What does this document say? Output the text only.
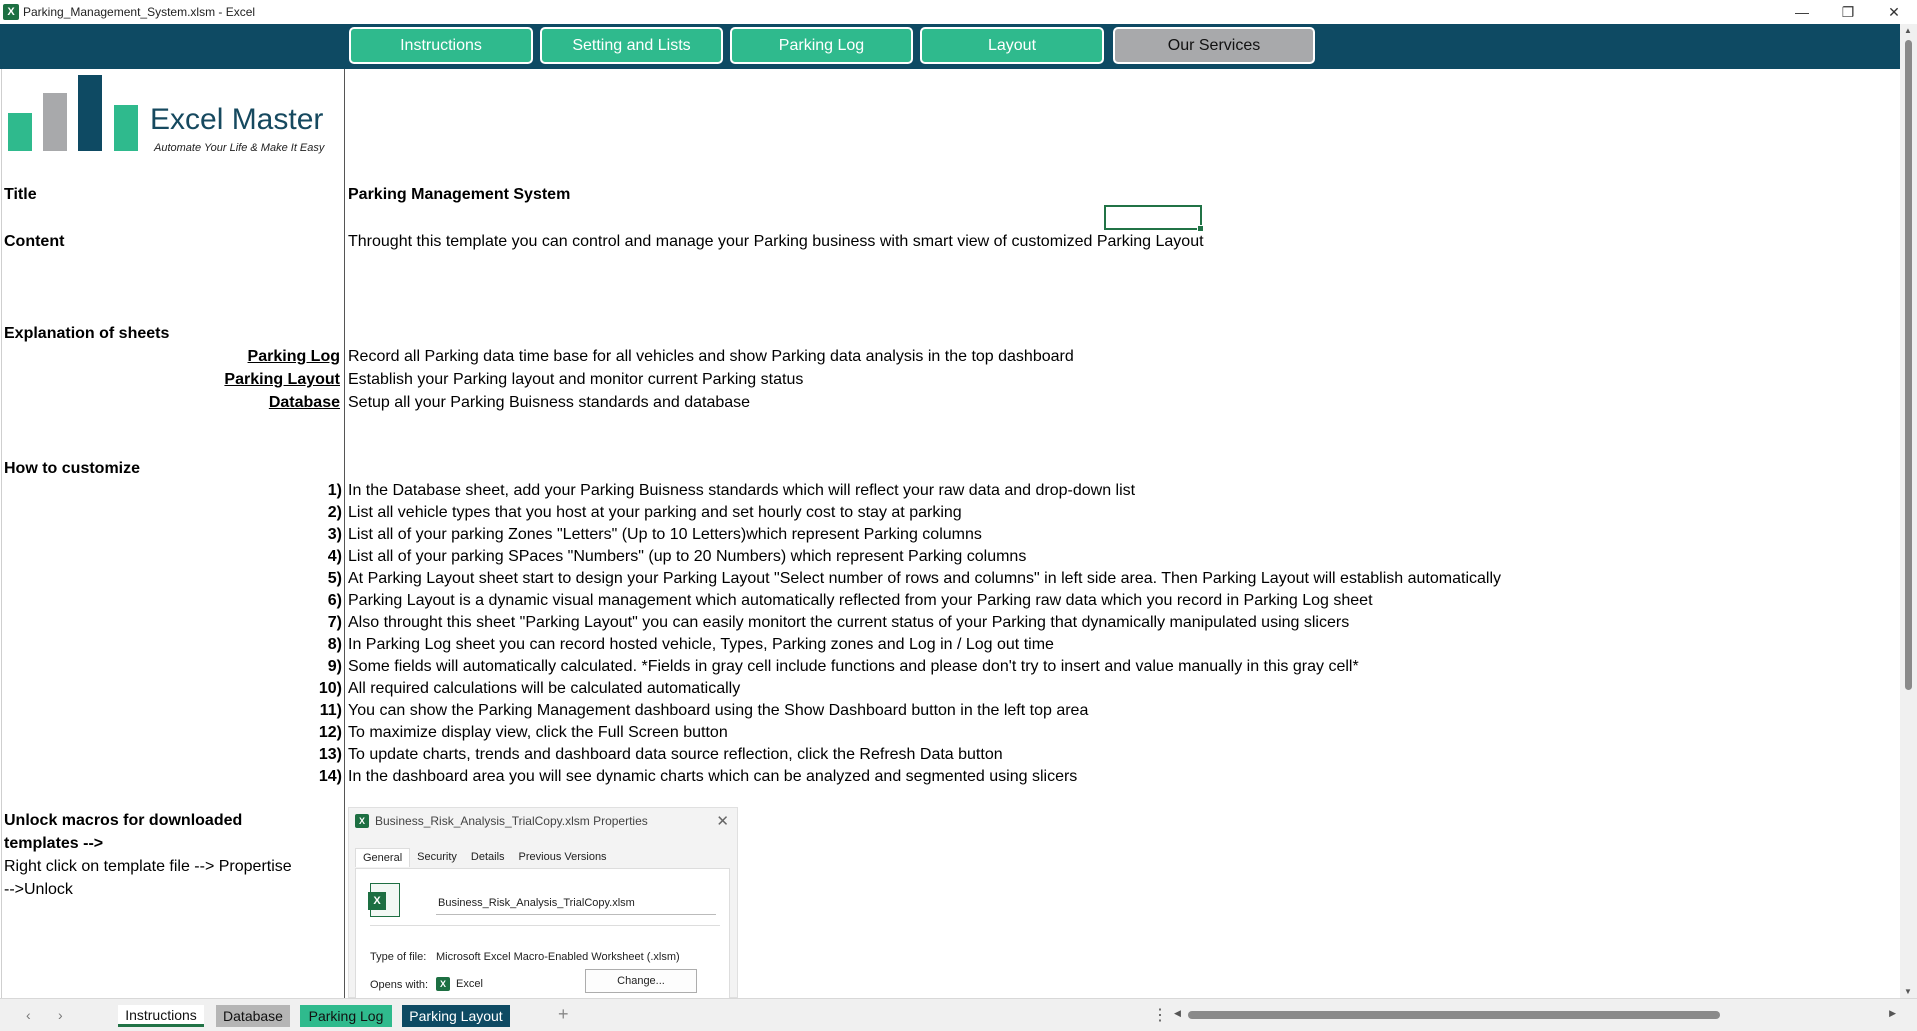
X Parking_Management_System.xlsm - Excel	—	❐	✕
Instructions	Setting and Lists	Parking Log	Layout	Our Services
Excel Master
Automate Your Life & Make It Easy
Title	Parking Management System
Content	Throught this template you can control and manage your Parking business with smart view of customized Parking Layout
Explanation of sheets
Parking Log Record all Parking data time base for all vehicles and show Parking data analysis in the top dashboard
Parking Layout Establish your Parking layout and monitor current Parking status
Database Setup all your Parking Buisness standards and database
How to customize
1) In the Database sheet, add your Parking Buisness standards which will reflect your raw data and drop-down list
2) List all vehicle types that you host at your parking and set hourly cost to stay at parking
3) List all of your parking Zones "Letters" (Up to 10 Letters)which represent Parking columns
4) List all of your parking SPaces "Numbers" (up to 20 Numbers) which represent Parking columns
5) At Parking Layout sheet start to design your Parking Layout "Select number of rows and columns" in left side area. Then Parking Layout will establish automatically
6) Parking Layout is a dynamic visual management which automatically reflected from your Parking raw data which you record in Parking Log sheet
7) Also throught this sheet "Parking Layout" you can easily monitort the current status of your Parking that dynamically manipulated using slicers
8) In Parking Log sheet you can record hosted vehicle, Types, Parking zones and Log in / Log out time
9) Some fields will automatically calculated. *Fields in gray cell include functions and please don't try to insert and value manually in this gray cell*
10) All required calculations will be calculated automatically
11) You can show the Parking Management dashboard using the Show Dashboard button in the left top area
12) To maximize display view, click the Full Screen button
13) To update charts, trends and dashboard data source reflection, click the Refresh Data button
14) In the dashboard area you will see dynamic charts which can be analyzed and segmented using slicers
Unlock macros for downloaded
templates -->
Right click on template file --> Propertise
-->Unlock
X Business_Risk_Analysis_TrialCopy.xlsm Properties	✕
General	Security	Details	Previous Versions
X	Business_Risk_Analysis_TrialCopy.xlsm
Type of file: Microsoft Excel Macro-Enabled Worksheet (.xlsm)
Opens with:	X Excel	Change...
▲
▼
‹ ›	Instructions	Database	Parking Log	Parking Layout	+	⋮ ◀	▶
